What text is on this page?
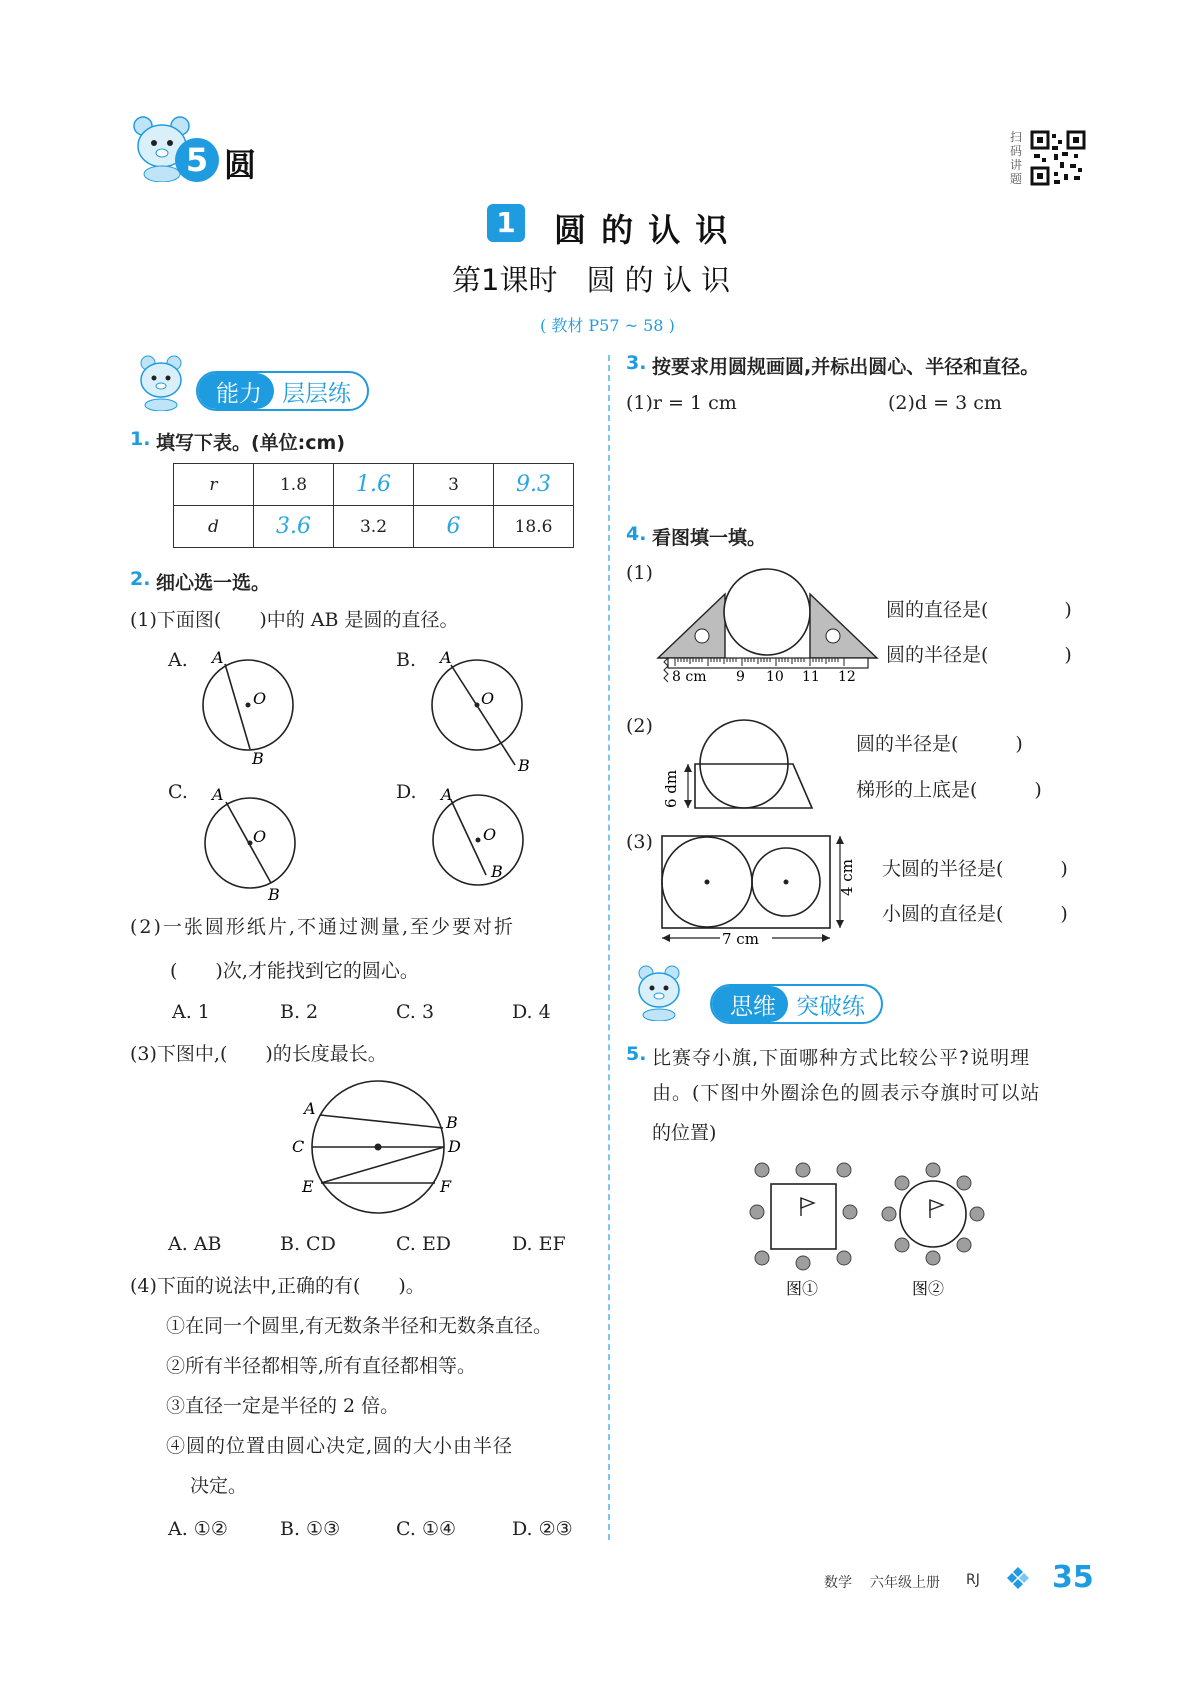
5 圆
扫码讲题
1 圆 的 认 识
第1课时　圆 的 认 识
( 教材 P57 ~ 58 )
能力 层层练
1. 填写下表。(单位:cm)
r	1.8	1.6	3	9.3
d	3.6	3.2	6	18.6
2. 细心选一选。
(1)下面图(　　)中的 AB 是圆的直径。
A.	B.
C.	D.
A
O
B
A
O
B
A
O
B
A
O
B
(2)一张圆形纸片,不通过测量,至少要对折
(　　)次,才能找到它的圆心。
A. 1	B. 2	C. 3	D. 4
(3)下图中,(　　)的长度最长。
A
B
C	D
E	F
A. AB	B. CD	C. ED	D. EF
(4)下面的说法中,正确的有(　　)。
①在同一个圆里,有无数条半径和无数条直径。
②所有半径都相等,所有直径都相等。
③直径一定是半径的 2 倍。
④圆的位置由圆心决定,圆的大小由半径
决定。
A. ①②	B. ①③	C. ①④	D. ②③
3. 按要求用圆规画圆,并标出圆心、半径和直径。
(1)r = 1 cm	(2)d = 3 cm
4. 看图填一填。
(1)
8 cm 9 10 11 12
圆的直径是(　　　　)
圆的半径是(　　　　)
(2)
6 dm
圆的半径是(　　　)
梯形的上底是(　　　)
(3)
4 cm
7 cm
大圆的半径是(　　　)
小圆的直径是(　　　)
思维 突破练
5. 比赛夺小旗,下面哪种方式比较公平?说明理
由。(下图中外圈涂色的圆表示夺旗时可以站
的位置)
图①	图②
数学 六年级上册 RJ 35
